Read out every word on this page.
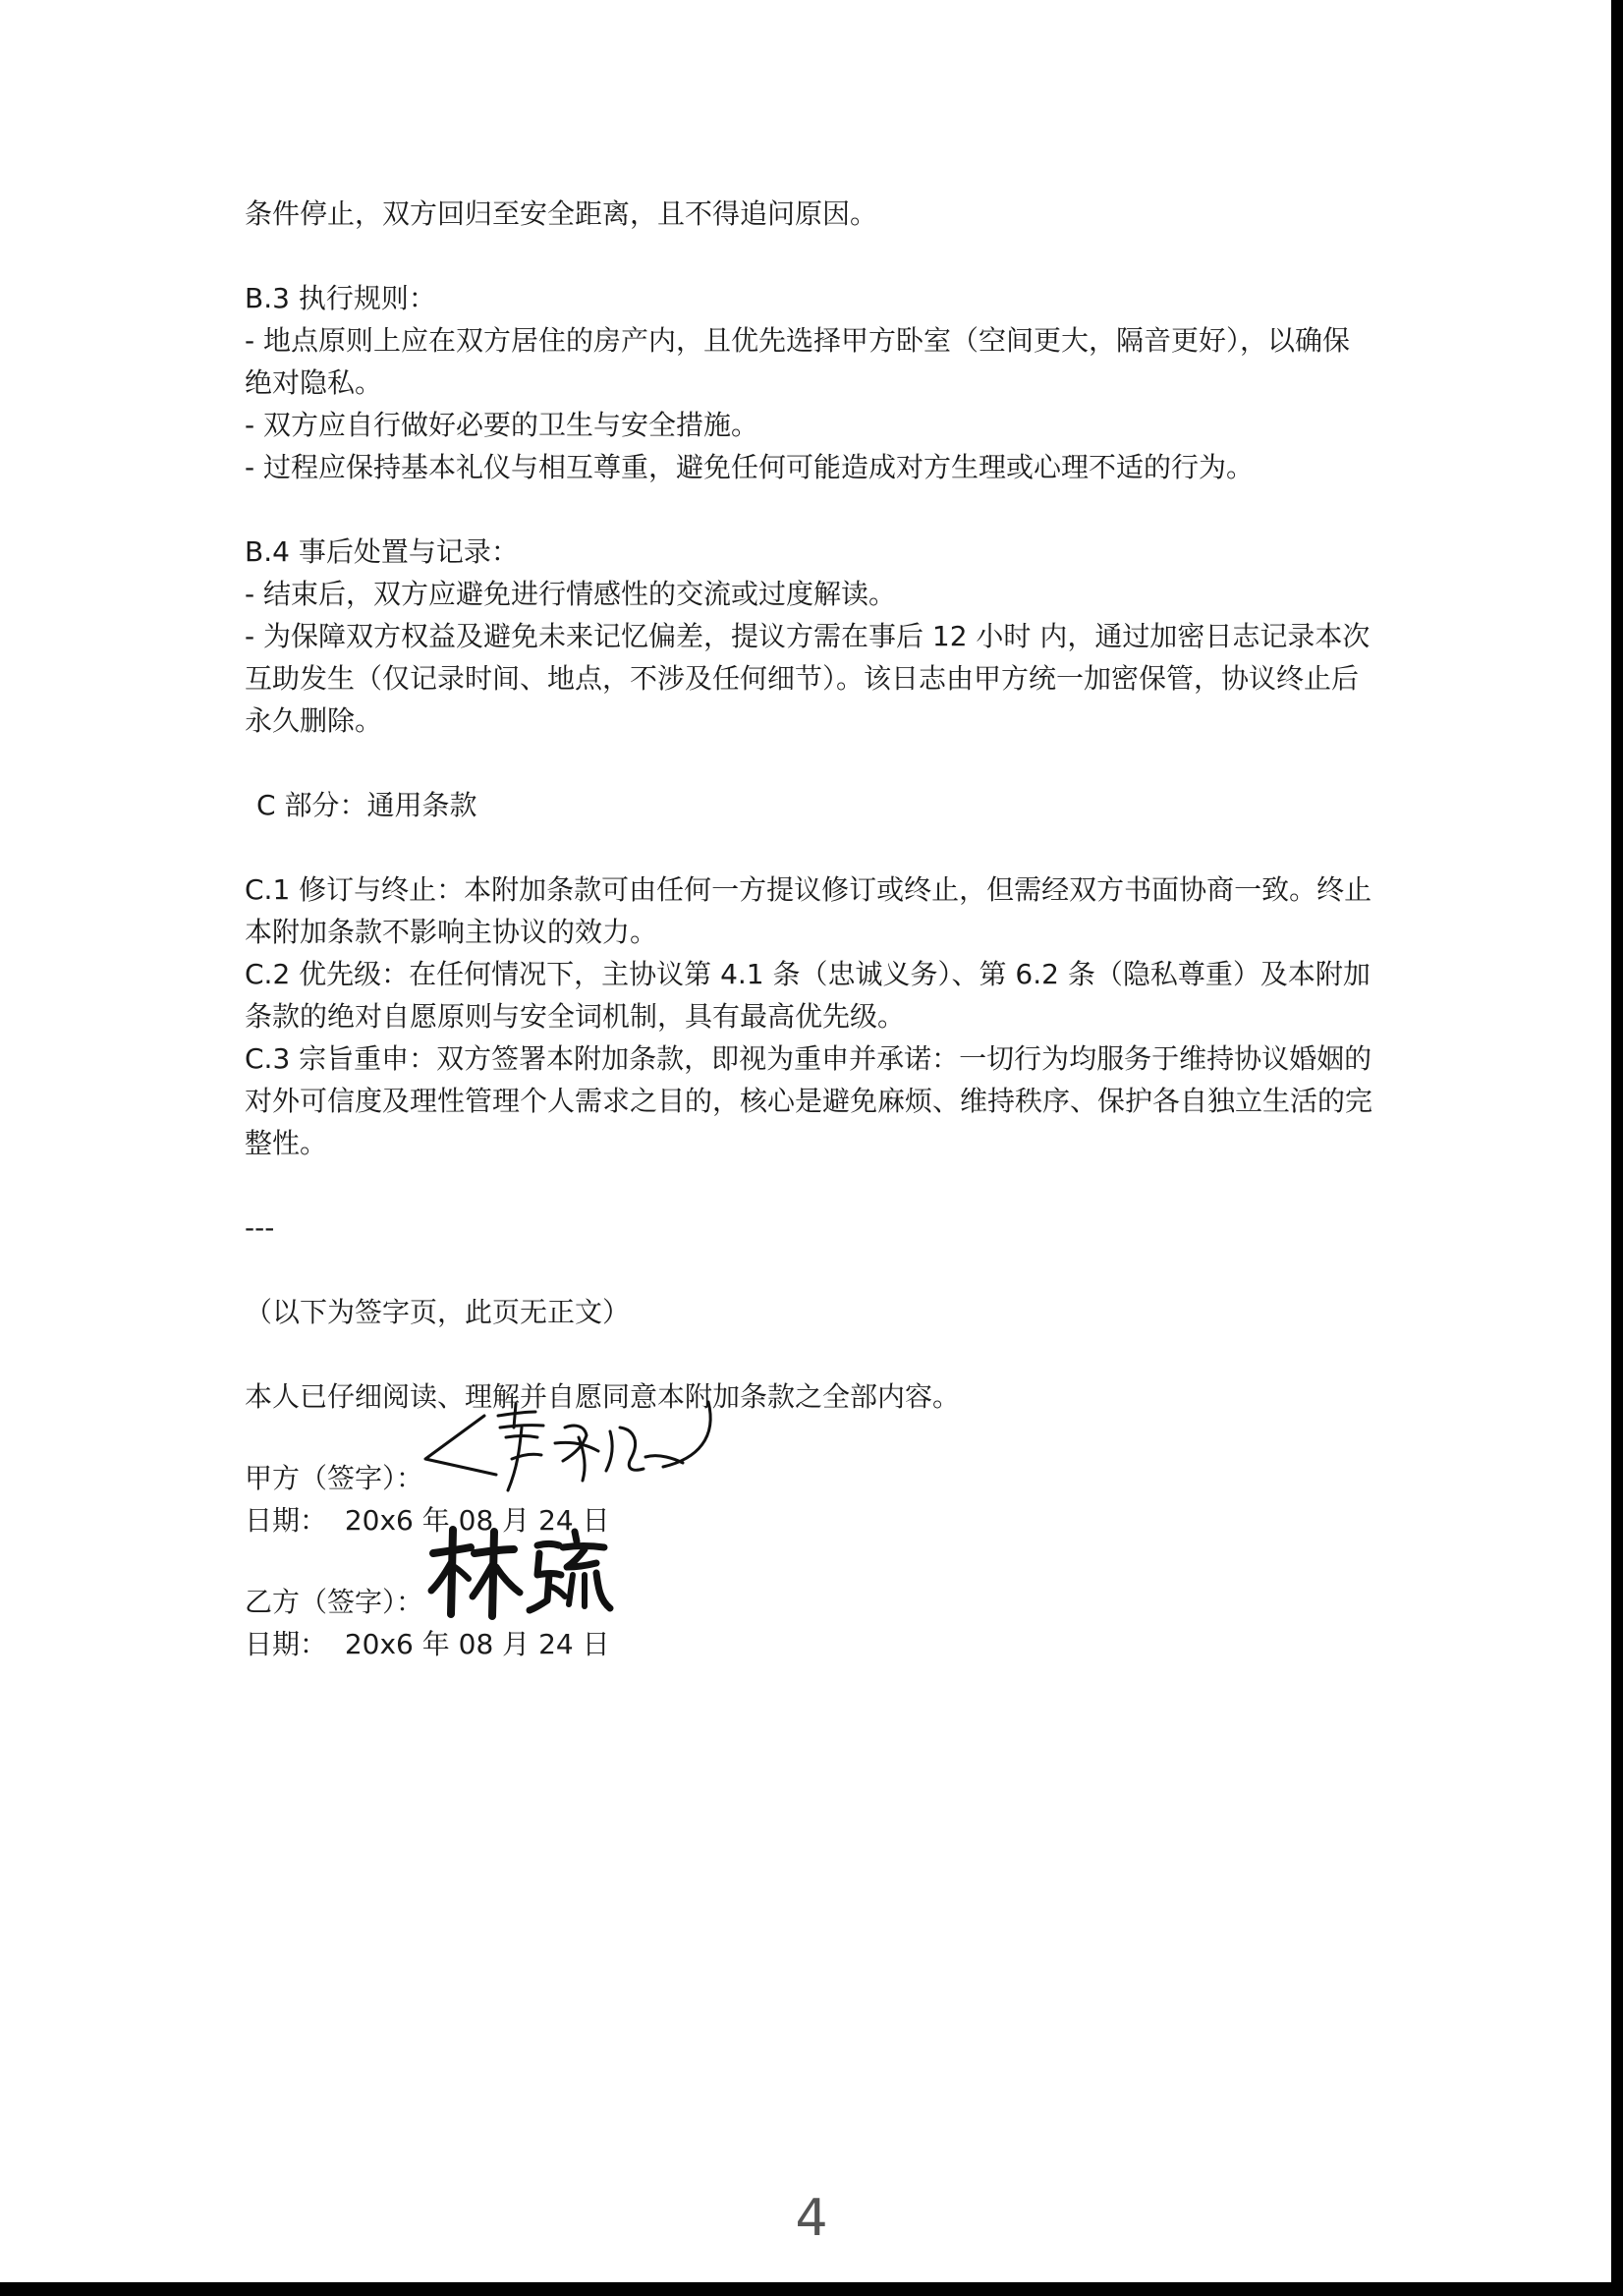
条件停止，双方回归至安全距离，且不得追问原因。

B.3 执行规则：

- 地点原则上应在双方居住的房产内，且优先选择甲方卧室（空间更大，隔音更好），以确保绝对隐私。

- 双方应自行做好必要的卫生与安全措施。

- 过程应保持基本礼仪与相互尊重，避免任何可能造成对方生理或心理不适的行为。

B.4 事后处置与记录：

- 结束后，双方应避免进行情感性的交流或过度解读。

- 为保障双方权益及避免未来记忆偏差，提议方需在事后 12 小时 内，通过加密日志记录本次互助发生（仅记录时间、地点，不涉及任何细节）。该日志由甲方统一加密保管，协议终止后永久删除。

C 部分：通用条款

C.1 修订与终止：本附加条款可由任何一方提议修订或终止，但需经双方书面协商一致。终止本附加条款不影响主协议的效力。

C.2 优先级：在任何情况下，主协议第 4.1 条（忠诚义务）、第 6.2 条（隐私尊重）及本附加条款的绝对自愿原则与安全词机制，具有最高优先级。

C.3 宗旨重申：双方签署本附加条款，即视为重申并承诺：一切行为均服务于维持协议婚姻的对外可信度及理性管理个人需求之目的，核心是避免麻烦、维持秩序、保护各自独立生活的完整性。

---

（以下为签字页，此页无正文）

本人已仔细阅读、理解并自愿同意本附加条款之全部内容。

甲方（签字）：

日期： 20x6 年 08 月 24 日

乙方（签字）：

日期： 20x6 年 08 月 24 日

4
